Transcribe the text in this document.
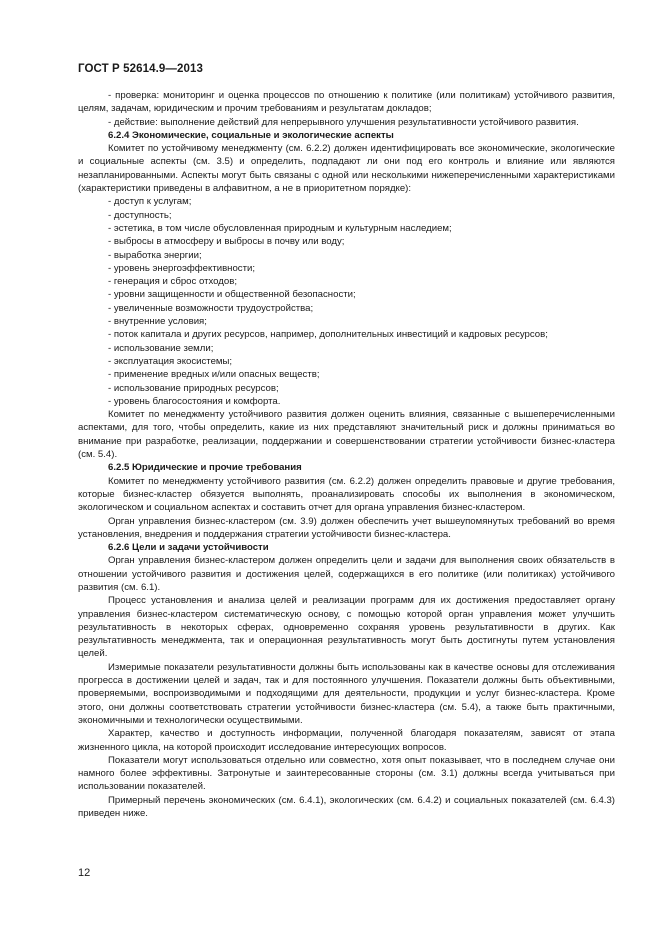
ГОСТ Р 52614.9—2013

- проверка: мониторинг и оценка процессов по отношению к политике (или политикам) устойчивого развития, целям, задачам, юридическим и прочим требованиям и результатам докладов;

- действие: выполнение действий для непрерывного улучшения результативности устойчивого развития.

6.2.4 Экономические, социальные и экологические аспекты

Комитет по устойчивому менеджменту (см. 6.2.2) должен идентифицировать все экономические, экологические и социальные аспекты (см. 3.5) и определить, подпадают ли они под его контроль и влияние или являются незапланированными. Аспекты могут быть связаны с одной или несколькими нижеперечисленными характеристиками (характеристики приведены в алфавитном, а не в приоритетном порядке):

- доступ к услугам;

- доступность;

- эстетика, в том числе обусловленная природным и культурным наследием;

- выбросы в атмосферу и выбросы в почву или воду;

- выработка энергии;

- уровень энергоэффективности;

- генерация и сброс отходов;

- уровни защищенности и общественной безопасности;

- увеличенные возможности трудоустройства;

- внутренние условия;

- поток капитала и других ресурсов, например, дополнительных инвестиций и кадровых ресурсов;

- использование земли;

- эксплуатация экосистемы;

- применение вредных и/или опасных веществ;

- использование природных ресурсов;

- уровень благосостояния и комфорта.

Комитет по менеджменту устойчивого развития должен оценить влияния, связанные с вышеперечисленными аспектами, для того, чтобы определить, какие из них представляют значительный риск и должны приниматься во внимание при разработке, реализации, поддержании и совершенствовании стратегии устойчивости бизнес-кластера (см. 5.4).

6.2.5 Юридические и прочие требования

Комитет по менеджменту устойчивого развития (см. 6.2.2) должен определить правовые и другие требования, которые бизнес-кластер обязуется выполнять, проанализировать способы их выполнения в экономическом, экологическом и социальном аспектах и составить отчет для органа управления бизнес-кластером.

Орган управления бизнес-кластером (см. 3.9) должен обеспечить учет вышеупомянутых требований во время установления, внедрения и поддержания стратегии устойчивости бизнес-кластера.

6.2.6 Цели и задачи устойчивости

Орган управления бизнес-кластером должен определить цели и задачи для выполнения своих обязательств в отношении устойчивого развития и достижения целей, содержащихся в его политике (или политиках) устойчивого развития (см. 6.1).

Процесс установления и анализа целей и реализации программ для их достижения предоставляет органу управления бизнес-кластером систематическую основу, с помощью которой орган управления может улучшить результативность в некоторых сферах, одновременно сохраняя уровень результативности в других. Как результативность менеджмента, так и операционная результативность могут быть достигнуты путем установления целей.

Измеримые показатели результативности должны быть использованы как в качестве основы для отслеживания прогресса в достижении целей и задач, так и для постоянного улучшения. Показатели должны быть объективными, проверяемыми, воспроизводимыми и подходящими для деятельности, продукции и услуг бизнес-кластера. Кроме этого, они должны соответствовать стратегии устойчивости бизнес-кластера (см. 5.4), а также быть практичными, экономичными и технологически осуществимыми.

Характер, качество и доступность информации, полученной благодаря показателям, зависят от этапа жизненного цикла, на которой происходит исследование интересующих вопросов.

Показатели могут использоваться отдельно или совместно, хотя опыт показывает, что в последнем случае они намного более эффективны. Затронутые и заинтересованные стороны (см. 3.1) должны всегда учитываться при использовании показателей.

Примерный перечень экономических (см. 6.4.1), экологических (см. 6.4.2) и социальных показателей (см. 6.4.3) приведен ниже.

12
